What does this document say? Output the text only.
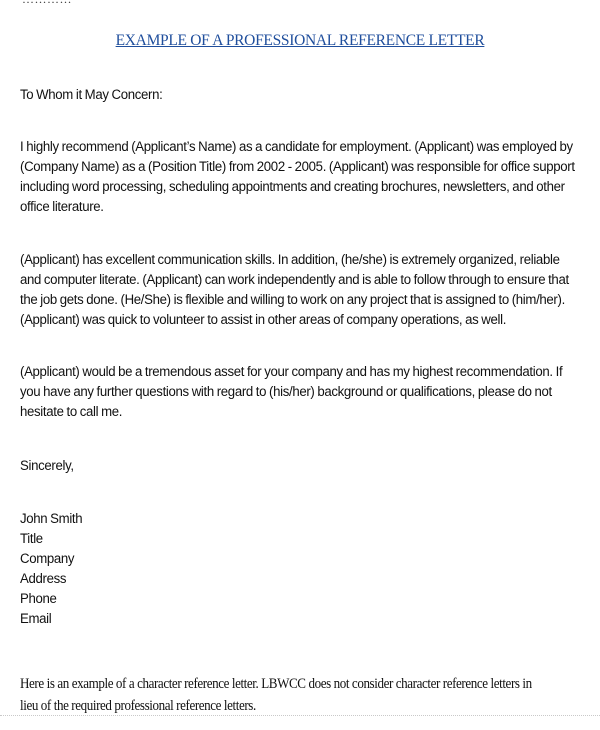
EXAMPLE OF A PROFESSIONAL REFERENCE LETTER
To Whom it May Concern:
I highly recommend (Applicant’s Name) as a candidate for employment. (Applicant) was employed by
(Company Name) as a (Position Title) from 2002 - 2005. (Applicant) was responsible for office support
including word processing, scheduling appointments and creating brochures, newsletters, and other
office literature.
(Applicant) has excellent communication skills. In addition, (he/she) is extremely organized, reliable
and computer literate. (Applicant) can work independently and is able to follow through to ensure that
the job gets done. (He/She) is flexible and willing to work on any project that is assigned to (him/her).
(Applicant) was quick to volunteer to assist in other areas of company operations, as well.
(Applicant) would be a tremendous asset for your company and has my highest recommendation. If
you have any further questions with regard to (his/her) background or qualifications, please do not
hesitate to call me.
Sincerely,
John Smith
Title
Company
Address
Phone
Email
Here is an example of a character reference letter. LBWCC does not consider character reference letters in
lieu of the required professional reference letters.
